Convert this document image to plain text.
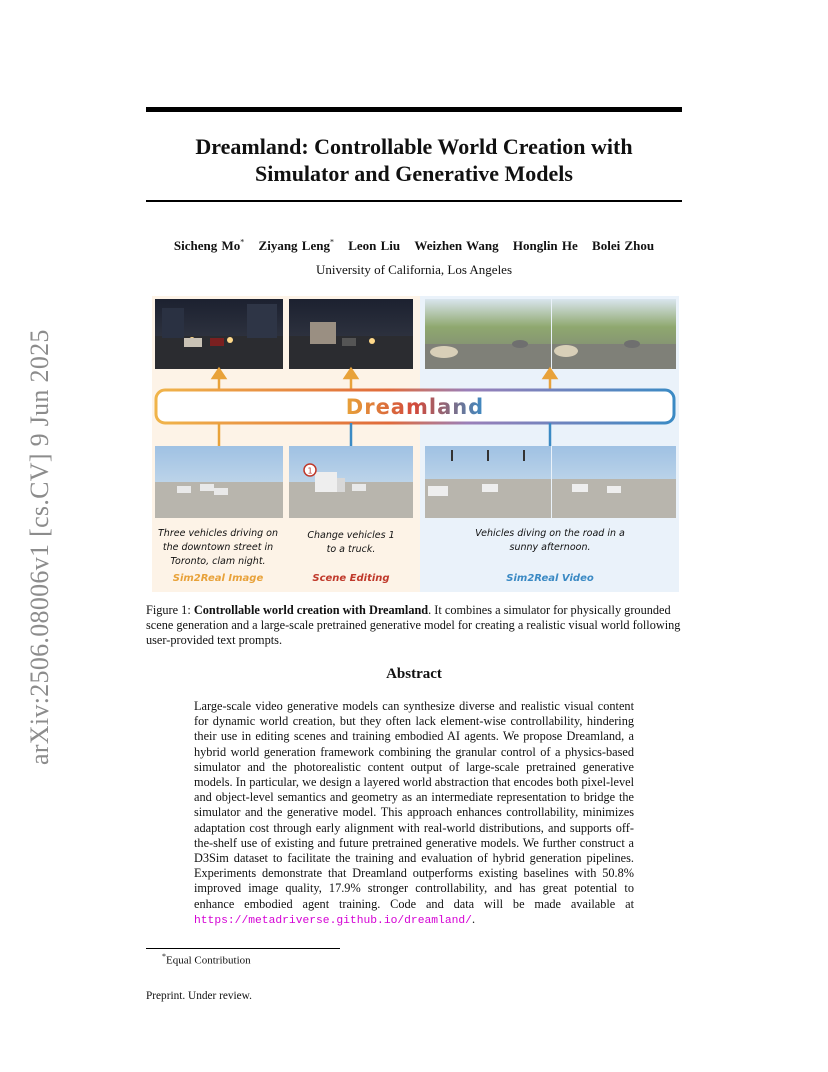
Dreamland: Controllable World Creation with
Simulator and Generative Models
Sicheng Mo* Ziyang Leng* Leon Liu Weizhen Wang Honglin He Bolei Zhou
University of California, Los Angeles
arXiv:2506.08006v1 [cs.CV] 9 Jun 2025	Dreamland
1
Three vehicles driving on
the downtown street in
Toronto, clam night.
Change vehicles 1
to a truck.
Vehicles diving on the road in a
sunny afternoon.
Sim2Real Image	Scene Editing	Sim2Real Video
Figure 1: Controllable world creation with Dreamland. It combines a simulator for physically grounded scene generation and a large-scale pretrained generative model for creating a realistic visual world following user-provided text prompts.
Abstract

Large-scale video generative models can synthesize diverse and realistic visual content for dynamic world creation, but they often lack element-wise controllability, hindering their use in editing scenes and training embodied AI agents. We propose Dreamland, a hybrid world generation framework combining the granular control of a physics-based simulator and the photorealistic content output of large-scale pretrained generative models. In particular, we design a layered world abstraction that encodes both pixel-level and object-level semantics and geometry as an intermediate representation to bridge the simulator and the generative model. This approach enhances controllability, minimizes adaptation cost through early alignment with real-world distributions, and supports off-the-shelf use of existing and future pretrained generative models. We further construct a D3Sim dataset to facilitate the training and evaluation of hybrid generation pipelines. Experiments demonstrate that Dreamland outperforms existing baselines with 50.8% improved image quality, 17.9% stronger controllability, and has great potential to enhance embodied agent training. Code and data will be made available at https://metadriverse.github.io/dreamland/.

*Equal Contribution
Preprint. Under review.
